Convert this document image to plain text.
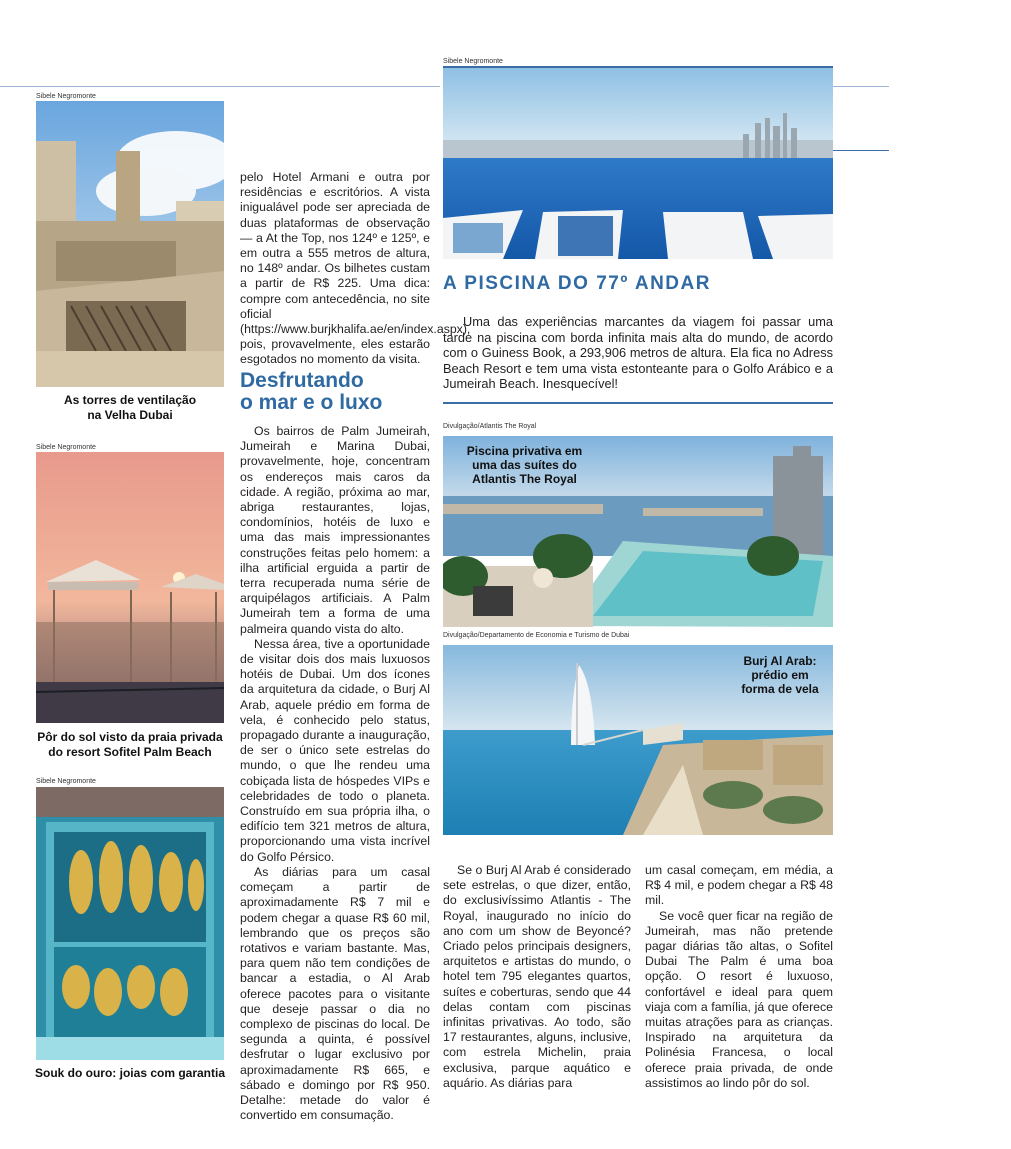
Sibele Negromonte
As torres de ventilação
na Velha Dubai
Sibele Negromonte
Pôr do sol visto da praia privada
do resort Sofitel Palm Beach
Sibele Negromonte
Souk do ouro: joias com garantia

pelo Hotel Armani e outra por residências e escritórios. A vista inigualável pode ser apreciada de duas plataformas de observação — a At the Top, nos 124º e 125º, e em outra a 555 metros de altura, no 148º andar. Os bilhetes custam a partir de R$ 225. Uma dica: compre com antecedência, no site oficial (https://www.burjkhalifa.ae/en/index.aspx), pois, provavelmente, eles estarão esgotados no momento da visita.

Desfrutando
o mar e o luxo

Os bairros de Palm Jumeirah, Jumeirah e Marina Dubai, provavelmente, hoje, concentram os endereços mais caros da cidade. A região, próxima ao mar, abriga restaurantes, lojas, condomínios, hotéis de luxo e uma das mais impressionantes construções feitas pelo homem: a ilha artificial erguida a partir de terra recuperada numa série de arquipélagos artificiais. A Palm Jumeirah tem a forma de uma palmeira quando vista do alto.

Nessa área, tive a oportunidade de visitar dois dos mais luxuosos hotéis de Dubai. Um dos ícones da arquitetura da cidade, o Burj Al Arab, aquele prédio em forma de vela, é conhecido pelo status, propagado durante a inauguração, de ser o único sete estrelas do mundo, o que lhe rendeu uma cobiçada lista de hóspedes VIPs e celebridades de todo o planeta. Construído em sua própria ilha, o edifício tem 321 metros de altura, proporcionando uma vista incrível do Golfo Pérsico.

As diárias para um casal começam a partir de aproximadamente R$ 7 mil e podem chegar a quase R$ 60 mil, lembrando que os preços são rotativos e variam bastante. Mas, para quem não tem condições de bancar a estadia, o Al Arab oferece pacotes para o visitante que deseje passar o dia no complexo de piscinas do local. De segunda a quinta, é possível desfrutar o lugar exclusivo por aproximadamente R$ 665, e sábado e domingo por R$ 950. Detalhe: metade do valor é convertido em consumação.

Sibele Negromonte
A PISCINA DO 77º ANDAR

Uma das experiências marcantes da viagem foi passar uma tarde na piscina com borda infinita mais alta do mundo, de acordo com o Guiness Book, a 293,906 metros de altura. Ela fica no Adress Beach Resort e tem uma vista estonteante para o Golfo Arábico e a Jumeirah Beach. Inesquecível!

Divulgação/Atlantis The Royal
Piscina privativa em
uma das suítes do
Atlantis The Royal
Divulgação/Departamento de Economia e Turismo de Dubai
Burj Al Arab:
prédio em
forma de vela

Se o Burj Al Arab é considerado sete estrelas, o que dizer, então, do exclusivíssimo Atlantis - The Royal, inaugurado no início do ano com um show de Beyoncé? Criado pelos principais designers, arquitetos e artistas do mundo, o hotel tem 795 elegantes quartos, suítes e coberturas, sendo que 44 delas contam com piscinas infinitas privativas. Ao todo, são 17 restaurantes, alguns, inclusive, com estrela Michelin, praia exclusiva, parque aquático e aquário. As diárias para

um casal começam, em média, a R$ 4 mil, e podem chegar a R$ 48 mil.

Se você quer ficar na região de Jumeirah, mas não pretende pagar diárias tão altas, o Sofitel Dubai The Palm é uma boa opção. O resort é luxuoso, confortável e ideal para quem viaja com a família, já que oferece muitas atrações para as crianças. Inspirado na arquitetura da Polinésia Francesa, o local oferece praia privada, de onde assistimos ao lindo pôr do sol.
